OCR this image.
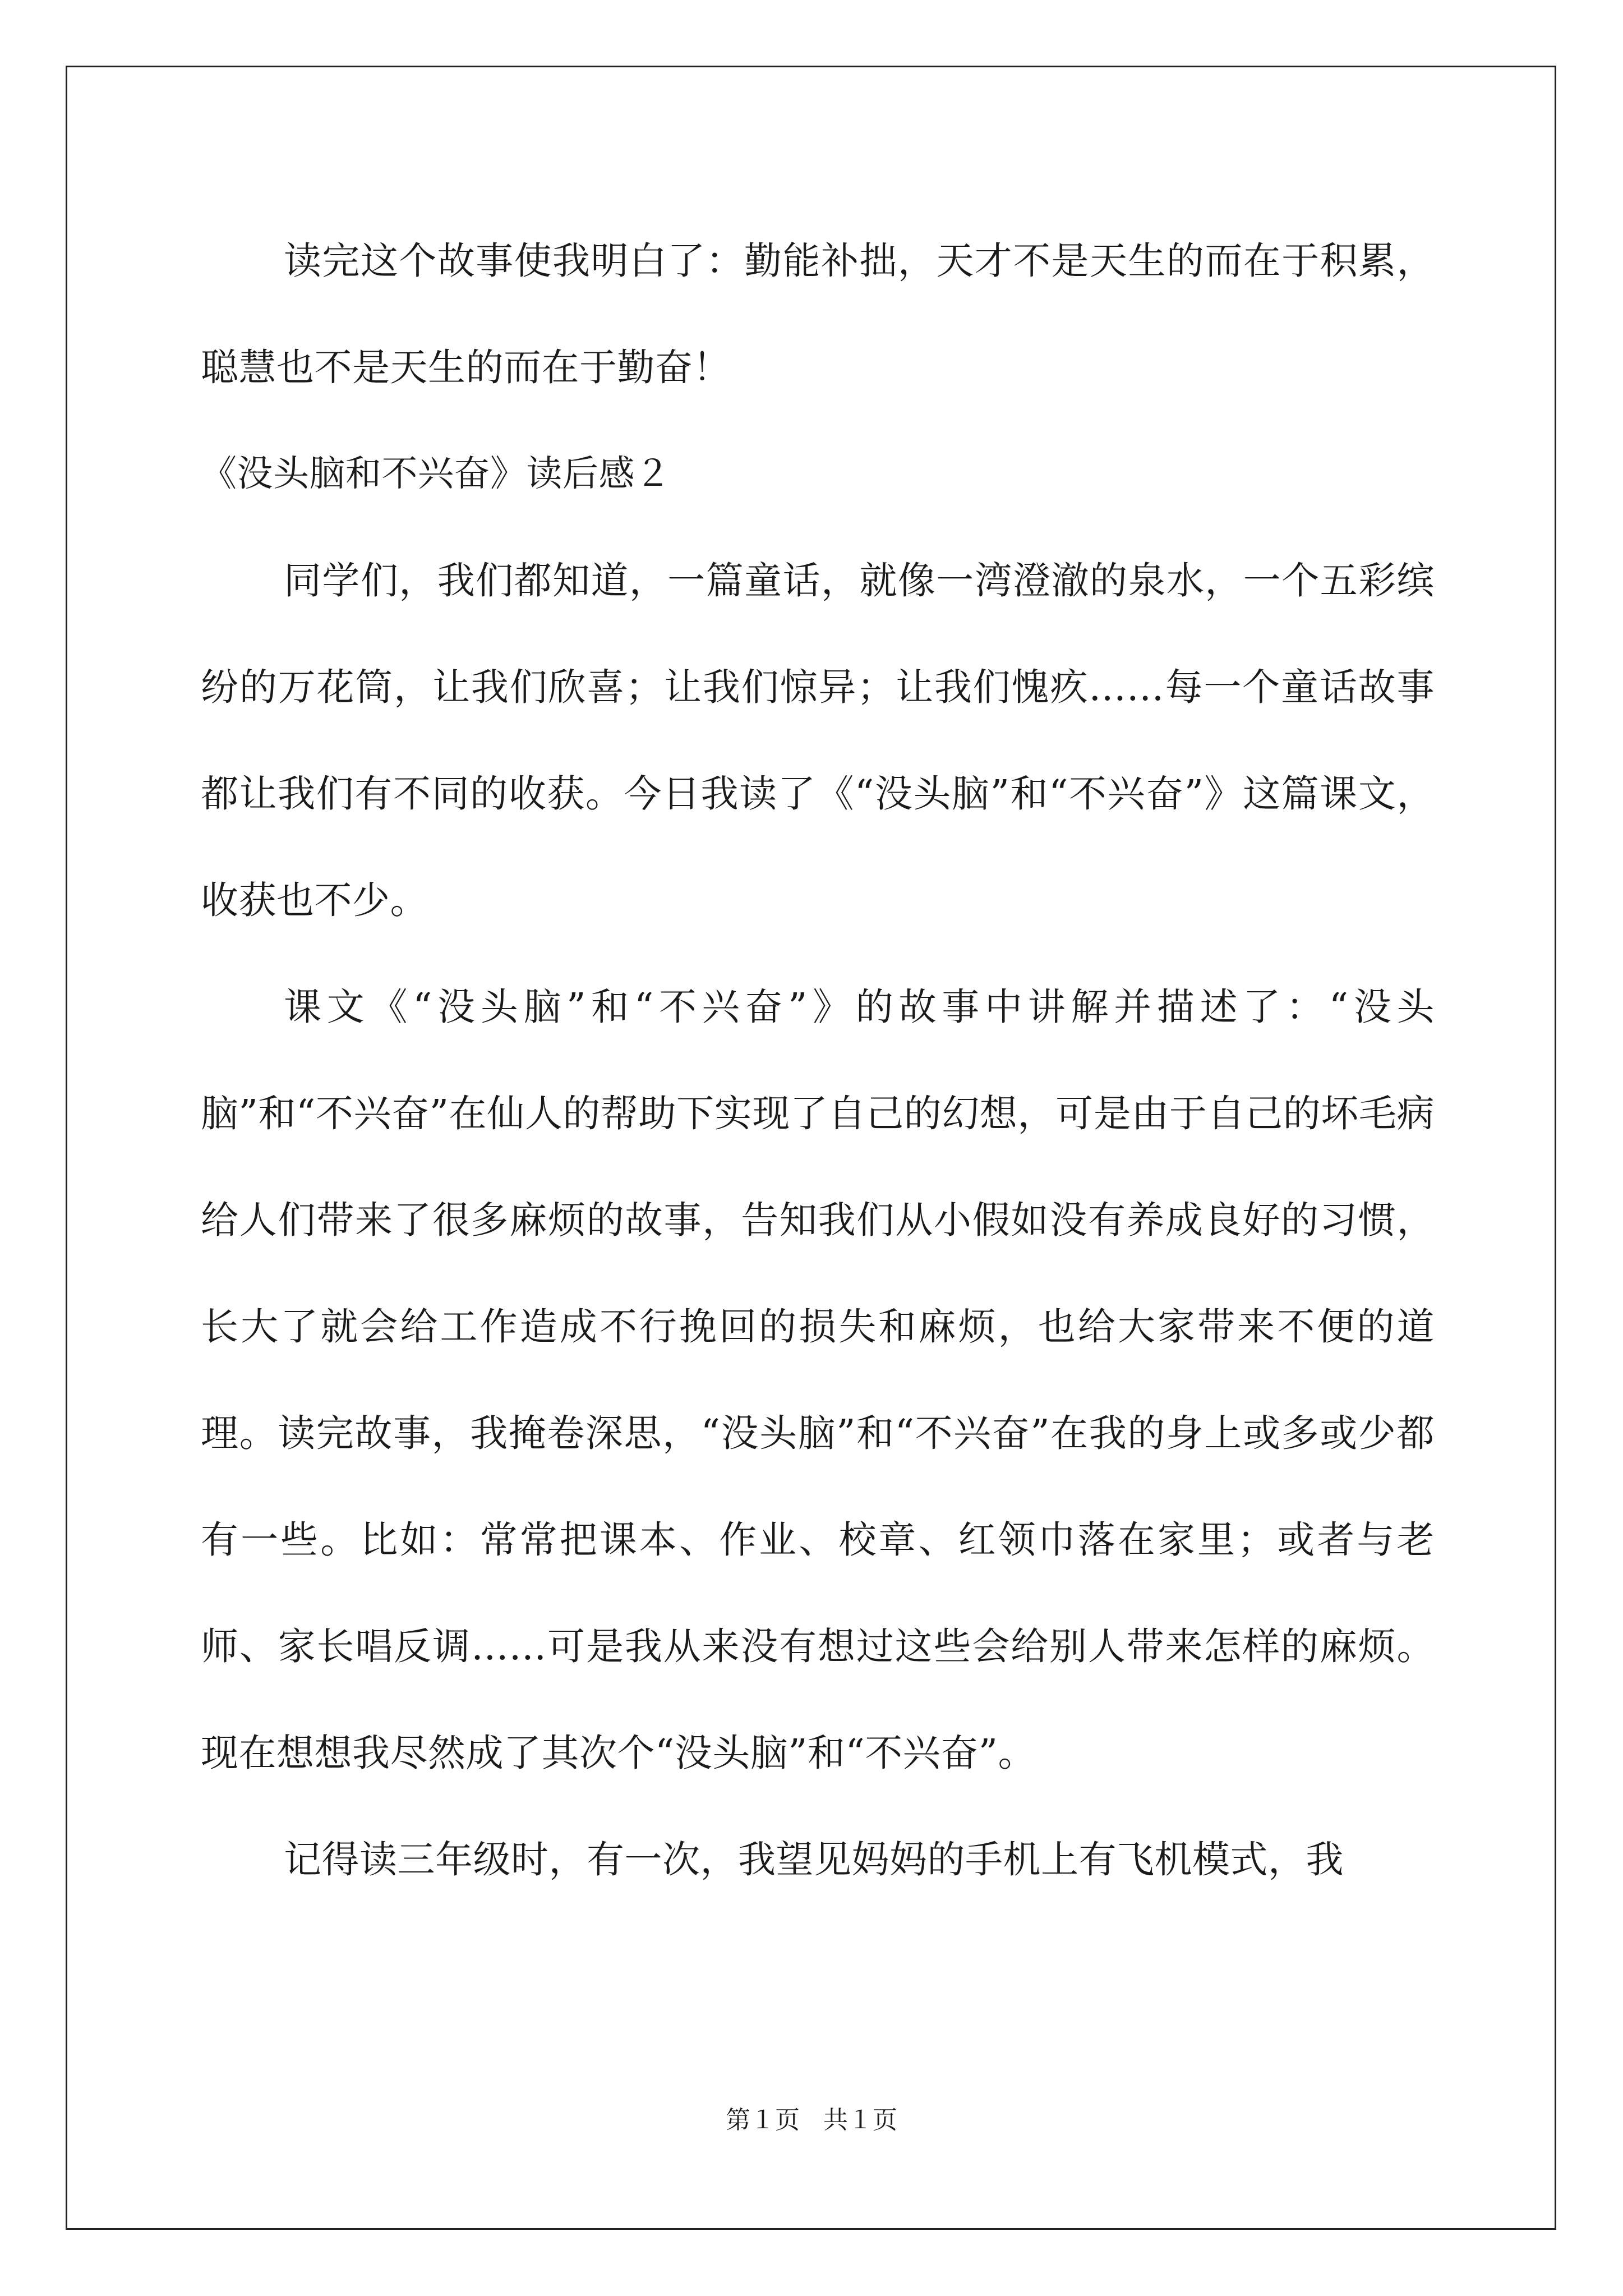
读完这个故事使我明白了：勤能补拙，天才不是天生的而在于积累，聪慧也不是天生的而在于勤奋！

《没头脑和不兴奋》读后感２

同学们，我们都知道，一篇童话，就像一湾澄澈的泉水，一个五彩缤纷的万花筒，让我们欣喜；让我们惊异；让我们愧疚……每一个童话故事都让我们有不同的收获。今日我读了《“没头脑”和“不兴奋”》这篇课文，收获也不少。

课文《“没头脑”和“不兴奋”》的故事中讲解并描述了：“没头脑”和“不兴奋”在仙人的帮助下实现了自己的幻想，可是由于自己的坏毛病给人们带来了很多麻烦的故事，告知我们从小假如没有养成良好的习惯，长大了就会给工作造成不行挽回的损失和麻烦，也给大家带来不便的道理。读完故事，我掩卷深思，“没头脑”和“不兴奋”在我的身上或多或少都有一些。比如：常常把课本、作业、校章、红领巾落在家里；或者与老师、家长唱反调……可是我从来没有想过这些会给别人带来怎样的麻烦。现在想想我尽然成了其次个“没头脑”和“不兴奋”。

记得读三年级时，有一次，我望见妈妈的手机上有飞机模式，我

第１页 共１页
